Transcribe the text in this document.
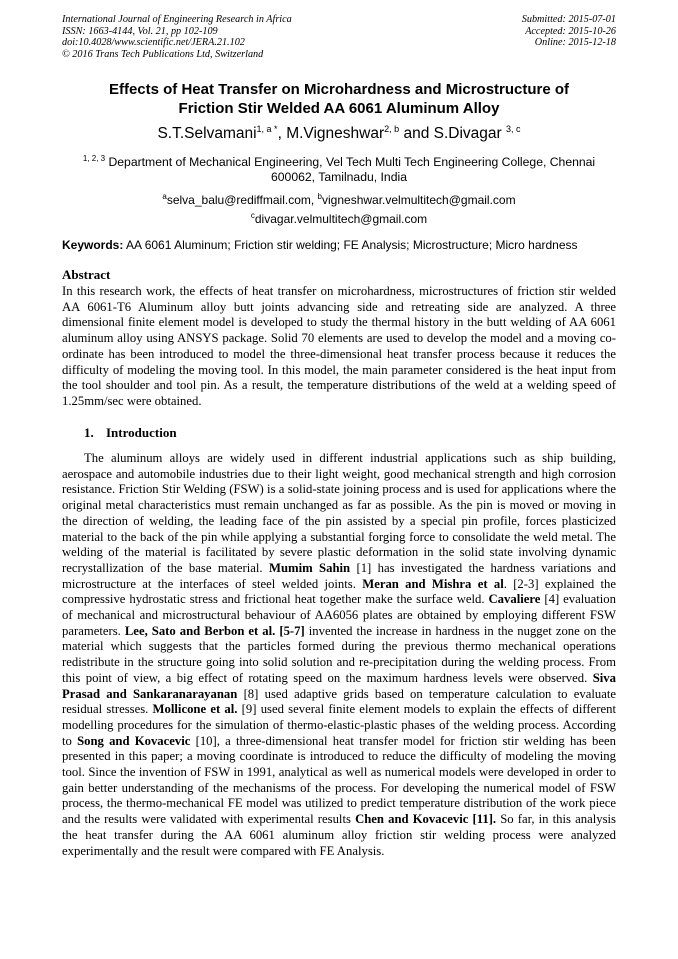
International Journal of Engineering Research in Africa
ISSN: 1663-4144, Vol. 21, pp 102-109
doi:10.4028/www.scientific.net/JERA.21.102
© 2016 Trans Tech Publications Ltd, Switzerland
Submitted: 2015-07-01
Accepted: 2015-10-26
Online: 2015-12-18
Effects of Heat Transfer on Microhardness and Microstructure of
Friction Stir Welded AA 6061 Aluminum Alloy
S.T.Selvamani$^{1, a *}$, M.Vigneshwar$^{2, b}$ and S.Divagar $^{3, c}$
$^{1, 2, 3}$ Department of Mechanical Engineering, Vel Tech Multi Tech Engineering College, Chennai
600062, Tamilnadu, India
$^a$selva_balu@rediffmail.com, $^b$vigneshwar.velmultitech@gmail.com
$^c$divagar.velmultitech@gmail.com
Keywords: AA 6061 Aluminum; Friction stir welding; FE Analysis; Microstructure; Micro hardness
Abstract
In this research work, the effects of heat transfer on microhardness, microstructures of friction stir welded AA 6061-T6 Aluminum alloy butt joints advancing side and retreating side are analyzed. A three dimensional finite element model is developed to study the thermal history in the butt welding of AA 6061 aluminum alloy using ANSYS package. Solid 70 elements are used to develop the model and a moving co-ordinate has been introduced to model the three-dimensional heat transfer process because it reduces the difficulty of modeling the moving tool. In this model, the main parameter considered is the heat input from the tool shoulder and tool pin. As a result, the temperature distributions of the weld at a welding speed of 1.25mm/sec were obtained.
1. Introduction
The aluminum alloys are widely used in different industrial applications such as ship building, aerospace and automobile industries due to their light weight, good mechanical strength and high corrosion resistance. Friction Stir Welding (FSW) is a solid-state joining process and is used for applications where the original metal characteristics must remain unchanged as far as possible. As the pin is moved or moving in the direction of welding, the leading face of the pin assisted by a special pin profile, forces plasticized material to the back of the pin while applying a substantial forging force to consolidate the weld metal. The welding of the material is facilitated by severe plastic deformation in the solid state involving dynamic recrystallization of the base material. Mumim Sahin [1] has investigated the hardness variations and microstructure at the interfaces of steel welded joints. Meran and Mishra et al. [2-3] explained the compressive hydrostatic stress and frictional heat together make the surface weld. Cavaliere [4] evaluation of mechanical and microstructural behaviour of AA6056 plates are obtained by employing different FSW parameters. Lee, Sato and Berbon et al. [5-7] invented the increase in hardness in the nugget zone on the material which suggests that the particles formed during the previous thermo mechanical operations redistribute in the structure going into solid solution and re-precipitation during the welding process. From this point of view, a big effect of rotating speed on the maximum hardness levels were observed. Siva Prasad and Sankaranarayanan [8] used adaptive grids based on temperature calculation to evaluate residual stresses. Mollicone et al. [9] used several finite element models to explain the effects of different modelling procedures for the simulation of thermo-elastic-plastic phases of the welding process. According to Song and Kovacevic [10], a three-dimensional heat transfer model for friction stir welding has been presented in this paper; a moving coordinate is introduced to reduce the difficulty of modeling the moving tool. Since the invention of FSW in 1991, analytical as well as numerical models were developed in order to gain better understanding of the mechanisms of the process. For developing the numerical model of FSW process, the thermo-mechanical FE model was utilized to predict temperature distribution of the work piece and the results were validated with experimental results Chen and Kovacevic [11]. So far, in this analysis the heat transfer during the AA 6061 aluminum alloy friction stir welding process were analyzed experimentally and the result were compared with FE Analysis.
